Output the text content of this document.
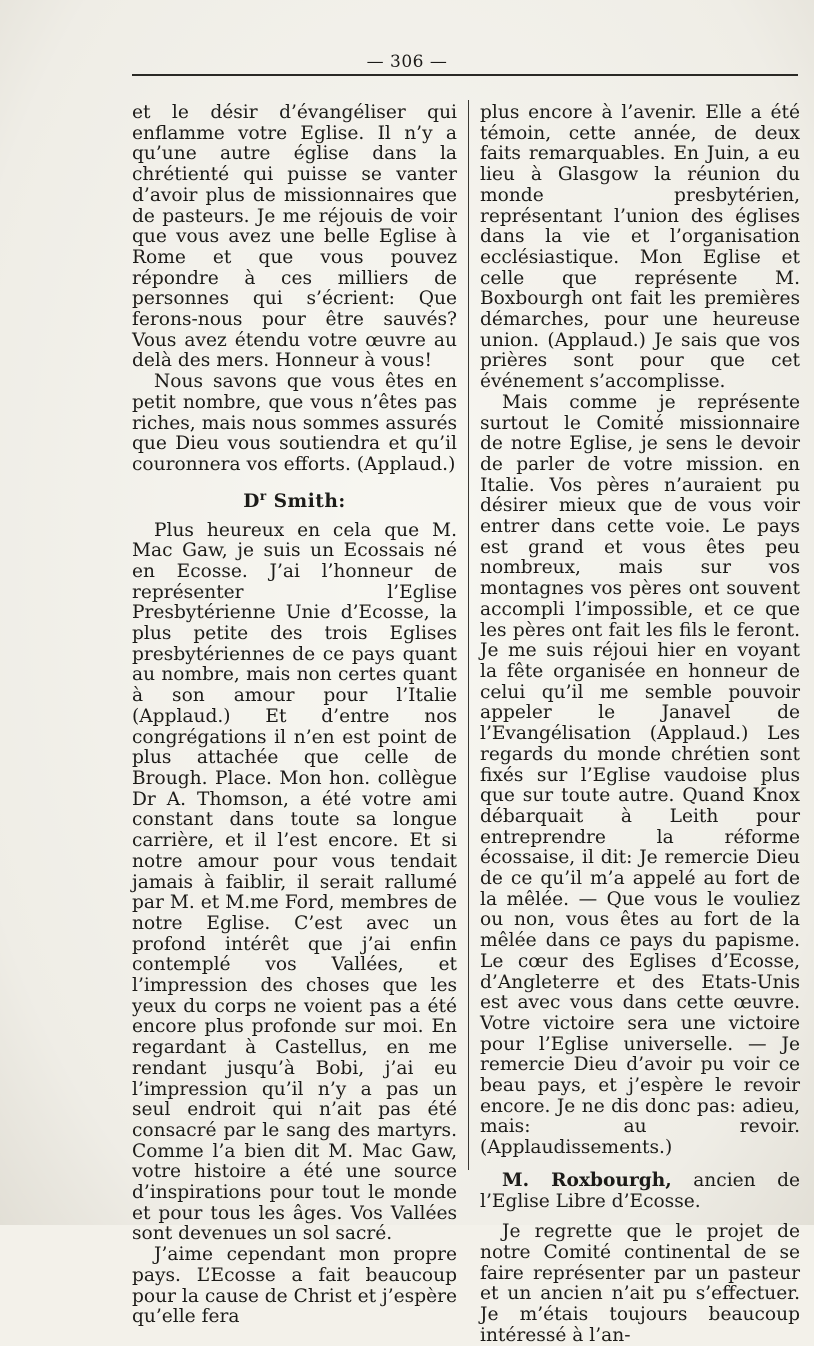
— 306 —

et le désir d’évangéliser qui enflamme votre Eglise. Il n’y a qu’une autre église dans la chrétienté qui puisse se vanter d’avoir plus de missionnaires que de pasteurs. Je me réjouis de voir que vous avez une belle Eglise à Rome et que vous pouvez répondre à ces milliers de personnes qui s’écrient: Que ferons-nous pour être sauvés? Vous avez étendu votre œuvre au delà des mers. Honneur à vous!

Nous savons que vous êtes en petit nombre, que vous n’êtes pas riches, mais nous sommes assurés que Dieu vous soutiendra et qu’il couronnera vos efforts. (Applaud.)

$D^r$ Smith:

Plus heureux en cela que M. Mac Gaw, je suis un Ecossais né en Ecosse. J’ai l’honneur de représenter l’Eglise Presbytérienne Unie d’Ecosse, la plus petite des trois Eglises presbytériennes de ce pays quant au nombre, mais non certes quant à son amour pour l’Italie (Applaud.) Et d’entre nos congrégations il n’en est point de plus attachée que celle de Brough. Place. Mon hon. collègue Dr A. Thomson, a été votre ami constant dans toute sa longue carrière, et il l’est encore. Et si notre amour pour vous tendait jamais à faiblir, il serait rallumé par M. et M.me Ford, membres de notre Eglise. C’est avec un profond intérêt que j’ai enfin contemplé vos Vallées, et l’impression des choses que les yeux du corps ne voient pas a été encore plus profonde sur moi. En regardant à Castellus, en me rendant jusqu’à Bobi, j’ai eu l’impression qu’il n’y a pas un seul endroit qui n’ait pas été consacré par le sang des martyrs. Comme l’a bien dit M. Mac Gaw, votre histoire a été une source d’inspirations pour tout le monde et pour tous les âges. Vos Vallées sont devenues un sol sacré.

J’aime cependant mon propre pays. L’Ecosse a fait beaucoup pour la cause de Christ et j’espère qu’elle fera

plus encore à l’avenir. Elle a été témoin, cette année, de deux faits remarquables. En Juin, a eu lieu à Glasgow la réunion du monde presbytérien, représentant l’union des églises dans la vie et l’organisation ecclésiastique. Mon Eglise et celle que représente M. Boxbourgh ont fait les premières démarches, pour une heureuse union. (Applaud.) Je sais que vos prières sont pour que cet événement s’accomplisse.

Mais comme je représente surtout le Comité missionnaire de notre Eglise, je sens le devoir de parler de votre mission. en Italie. Vos pères n’auraient pu désirer mieux que de vous voir entrer dans cette voie. Le pays est grand et vous êtes peu nombreux, mais sur vos montagnes vos pères ont souvent accompli l’impossible, et ce que les pères ont fait les fils le feront. Je me suis réjoui hier en voyant la fête organisée en honneur de celui qu’il me semble pouvoir appeler le Janavel de l’Evangélisation (Applaud.) Les regards du monde chrétien sont fixés sur l’Eglise vaudoise plus que sur toute autre. Quand Knox débarquait à Leith pour entreprendre la réforme écossaise, il dit: Je remercie Dieu de ce qu’il m’a appelé au fort de la mêlée. — Que vous le vouliez ou non, vous êtes au fort de la mêlée dans ce pays du papisme. Le cœur des Eglises d’Ecosse, d’Angleterre et des Etats-Unis est avec vous dans cette œuvre. Votre victoire sera une victoire pour l’Eglise universelle. — Je remercie Dieu d’avoir pu voir ce beau pays, et j’espère le revoir encore. Je ne dis donc pas: adieu, mais: au revoir. (Applaudissements.)

M. Roxbourgh, ancien de l’Eglise Libre d’Ecosse.

Je regrette que le projet de notre Comité continental de se faire représenter par un pasteur et un ancien n’ait pu s’effectuer. Je m’étais toujours beaucoup intéressé à l’an-
